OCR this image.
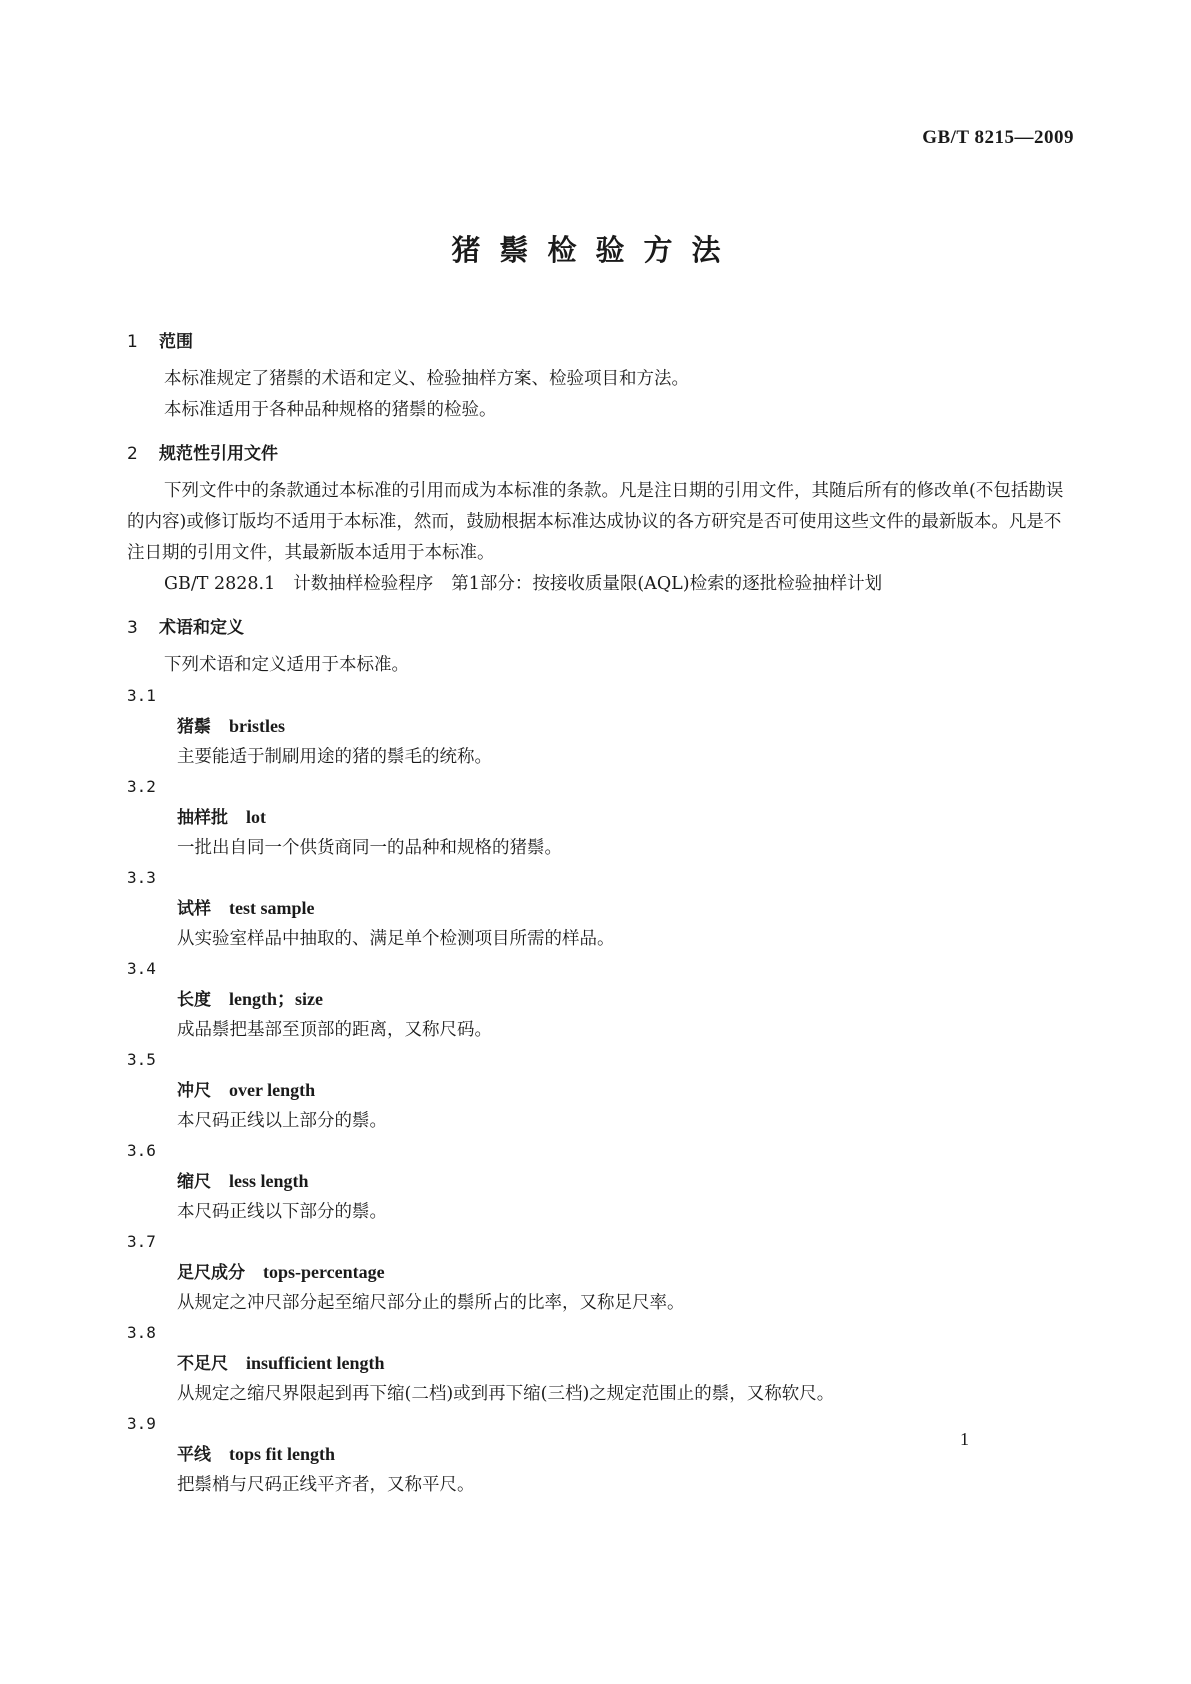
GB/T 8215—2009
猪鬃检验方法
1 范围

本标准规定了猪鬃的术语和定义、检验抽样方案、检验项目和方法。

本标准适用于各种品种规格的猪鬃的检验。

2 规范性引用文件

下列文件中的条款通过本标准的引用而成为本标准的条款。凡是注日期的引用文件，其随后所有的修改单(不包括勘误的内容)或修订版均不适用于本标准，然而，鼓励根据本标准达成协议的各方研究是否可使用这些文件的最新版本。凡是不注日期的引用文件，其最新版本适用于本标准。

GB/T 2828.1 计数抽样检验程序 第1部分：按接收质量限(AQL)检索的逐批检验抽样计划

3 术语和定义

下列术语和定义适用于本标准。

3.1

猪鬃 bristles

主要能适于制刷用途的猪的鬃毛的统称。

3.2

抽样批 lot

一批出自同一个供货商同一的品种和规格的猪鬃。

3.3

试样 test sample

从实验室样品中抽取的、满足单个检测项目所需的样品。

3.4

长度 length；size

成品鬃把基部至顶部的距离，又称尺码。

3.5

冲尺 over length

本尺码正线以上部分的鬃。

3.6

缩尺 less length

本尺码正线以下部分的鬃。

3.7

足尺成分 tops-percentage

从规定之冲尺部分起至缩尺部分止的鬃所占的比率，又称足尺率。

3.8

不足尺 insufficient length

从规定之缩尺界限起到再下缩(二档)或到再下缩(三档)之规定范围止的鬃，又称软尺。

3.9

平线 tops fit length

把鬃梢与尺码正线平齐者，又称平尺。

1
